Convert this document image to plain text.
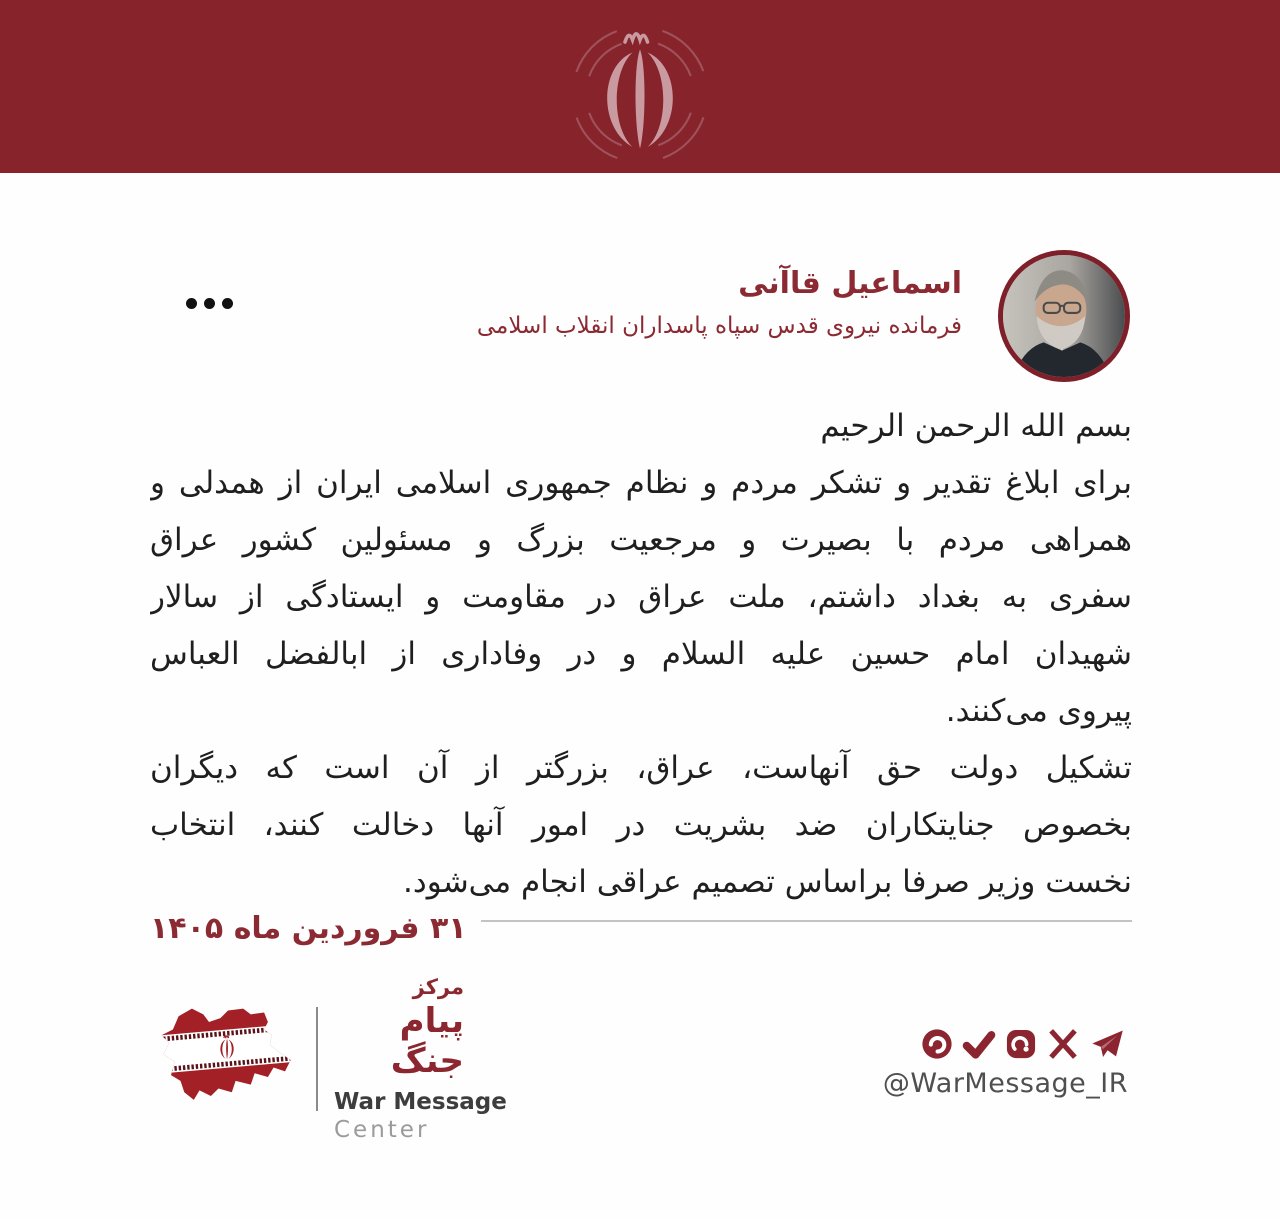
اسماعیل قاآنی
فرمانده نیروی قدس سپاه پاسداران انقلاب اسلامی
بسم الله الرحمن الرحیم
برای ابلاغ تقدیر و تشکر مردم و نظام جمهوری اسلامی ایران از همدلی و
همراهی مردم با بصیرت و مرجعیت بزرگ و مسئولین کشور عراق
سفری به بغداد داشتم، ملت عراق در مقاومت و ایستادگی از سالار
شهیدان امام حسین علیه السلام و در وفاداری از ابالفضل العباس
پیروی می‌کنند.
تشکیل دولت حق آنهاست، عراق، بزرگتر از آن است که دیگران
بخصوص جنایتکاران ضد بشریت در امور آنها دخالت کنند، انتخاب
نخست وزیر صرفا براساس تصمیم عراقی انجام می‌شود.
۳۱ فروردین ماه ۱۴۰۵
مرکز
پیام جنگ
War Message
Center
@WarMessage_IR
